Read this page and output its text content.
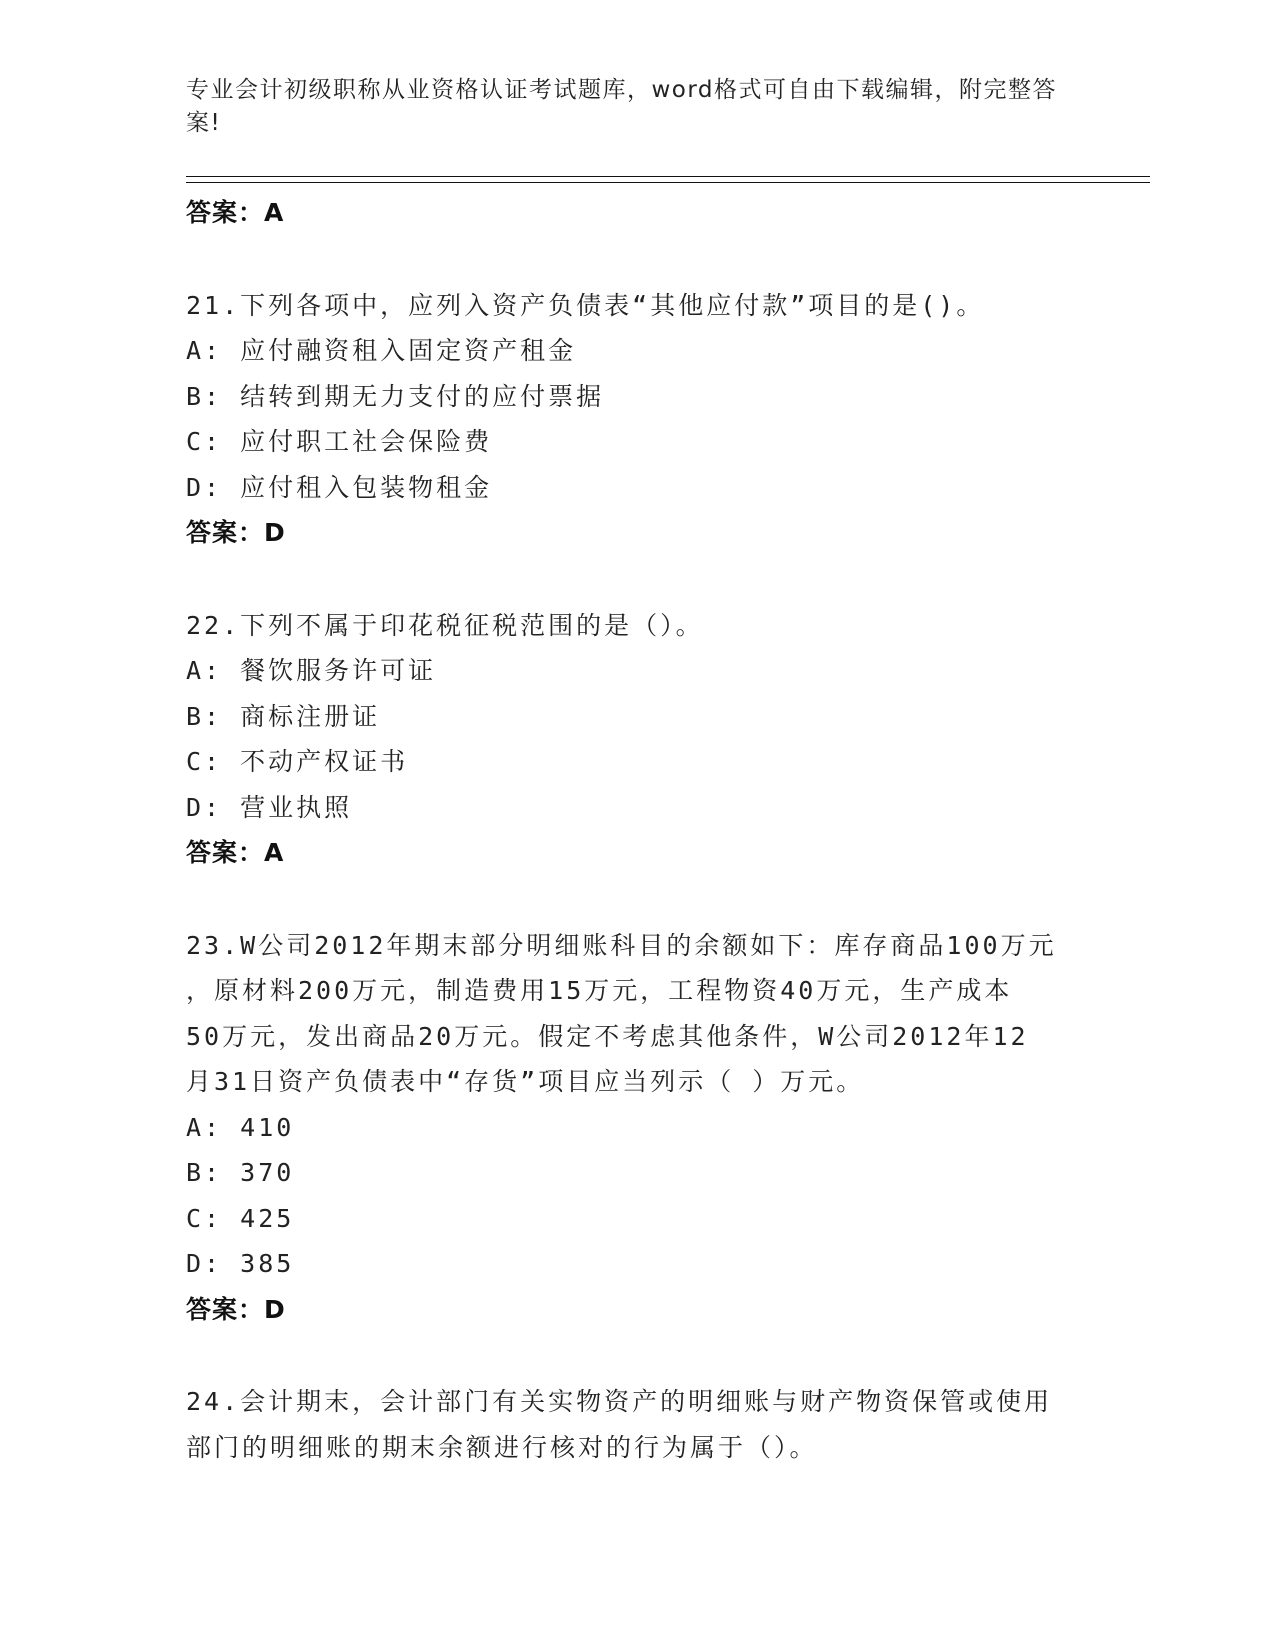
专业会计初级职称从业资格认证考试题库，word格式可自由下载编辑，附完整答
案!
答案：A
21.下列各项中，应列入资产负债表“其他应付款”项目的是()。
A: 应付融资租入固定资产租金
B: 结转到期无力支付的应付票据
C: 应付职工社会保险费
D: 应付租入包装物租金
答案：D
22.下列不属于印花税征税范围的是（）。
A: 餐饮服务许可证
B: 商标注册证
C: 不动产权证书
D: 营业执照
答案：A
23.W公司2012年期末部分明细账科目的余额如下：库存商品100万元
，原材料200万元，制造费用15万元，工程物资40万元，生产成本
50万元，发出商品20万元。假定不考虑其他条件，W公司2012年12
月31日资产负债表中“存货”项目应当列示（ ）万元。
A: 410
B: 370
C: 425
D: 385
答案：D
24.会计期末，会计部门有关实物资产的明细账与财产物资保管或使用
部门的明细账的期末余额进行核对的行为属于（）。
